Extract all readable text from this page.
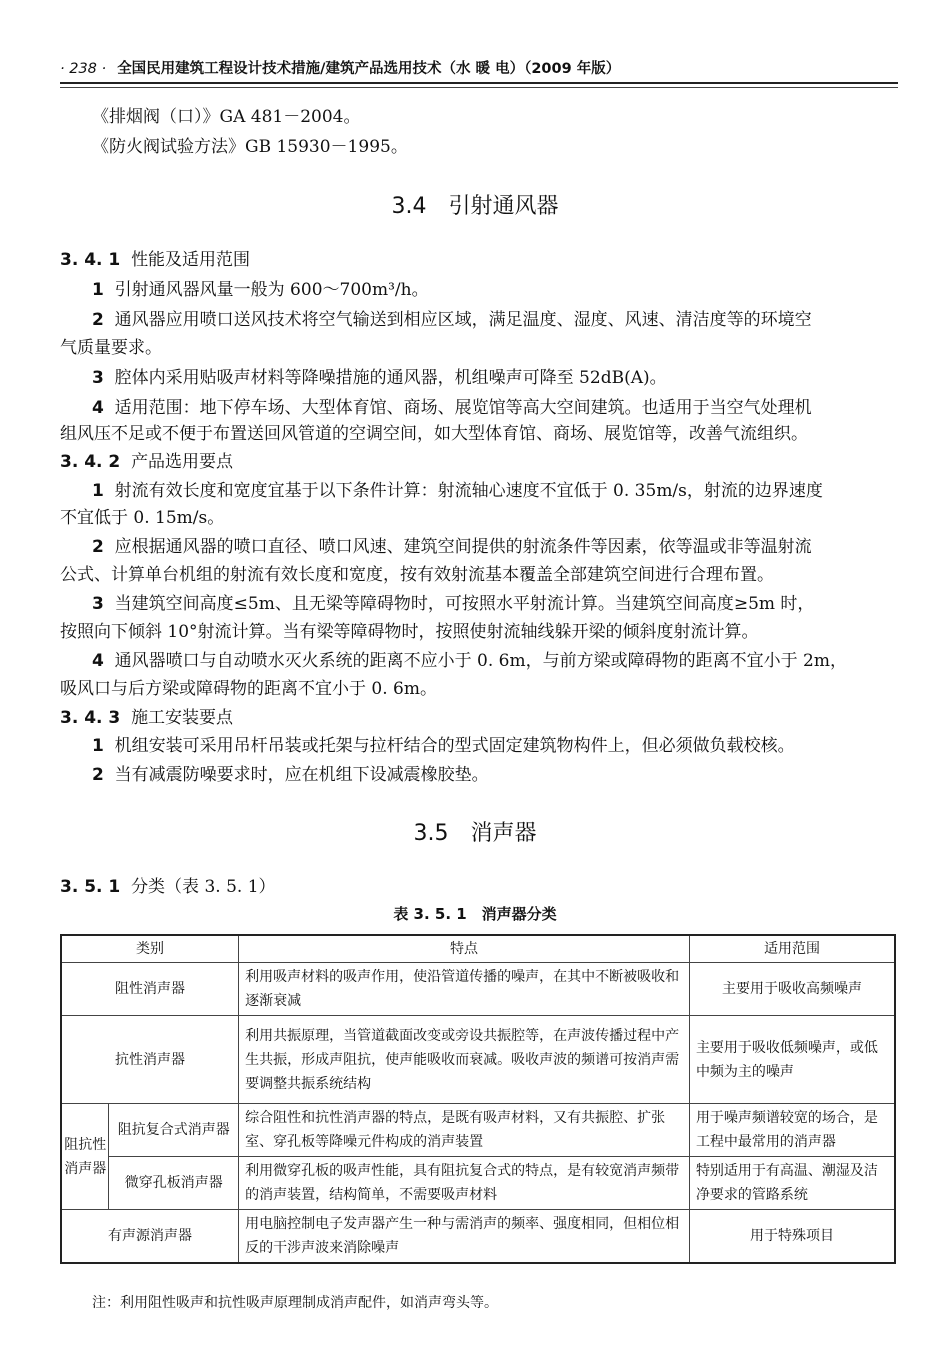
· 238 · 全国民用建筑工程设计技术措施/建筑产品选用技术（水 暖 电）（2009 年版）
《排烟阀（口）》GA 481－2004。
《防火阀试验方法》GB 15930－1995。
3.4　引射通风器
3. 4. 1 性能及适用范围
1 引射通风器风量一般为 600～700m³/h。
2 通风器应用喷口送风技术将空气输送到相应区域，满足温度、湿度、风速、清洁度等的环境空
气质量要求。
3 腔体内采用贴吸声材料等降噪措施的通风器，机组噪声可降至 52dB(A)。
4 适用范围：地下停车场、大型体育馆、商场、展览馆等高大空间建筑。也适用于当空气处理机
组风压不足或不便于布置送回风管道的空调空间，如大型体育馆、商场、展览馆等，改善气流组织。
3. 4. 2 产品选用要点
1 射流有效长度和宽度宜基于以下条件计算：射流轴心速度不宜低于 0. 35m/s，射流的边界速度
不宜低于 0. 15m/s。
2 应根据通风器的喷口直径、喷口风速、建筑空间提供的射流条件等因素，依等温或非等温射流
公式、计算单台机组的射流有效长度和宽度，按有效射流基本覆盖全部建筑空间进行合理布置。
3 当建筑空间高度≤5m、且无梁等障碍物时，可按照水平射流计算。当建筑空间高度≥5m 时，
按照向下倾斜 10°射流计算。当有梁等障碍物时，按照使射流轴线躲开梁的倾斜度射流计算。
4 通风器喷口与自动喷水灭火系统的距离不应小于 0. 6m，与前方梁或障碍物的距离不宜小于 2m，
吸风口与后方梁或障碍物的距离不宜小于 0. 6m。
3. 4. 3 施工安装要点
1 机组安装可采用吊杆吊装或托架与拉杆结合的型式固定建筑物构件上，但必须做负载校核。
2 当有减震防噪要求时，应在机组下设减震橡胶垫。
3.5　消声器
3. 5. 1 分类（表 3. 5. 1）
表 3. 5. 1　消声器分类
类别		特点	适用范围
阻性消声器		利用吸声材料的吸声作用，使沿管道传播的噪声，在其中不断被吸收和逐渐衰减	主要用于吸收高频噪声
抗性消声器		利用共振原理，当管道截面改变或旁设共振腔等，在声波传播过程中产生共振，形成声阻抗，使声能吸收而衰减。吸收声波的频谱可按消声需要调整共振系统结构	主要用于吸收低频噪声，或低中频为主的噪声
阻抗性消声器	阻抗复合式消声器	综合阻性和抗性消声器的特点，是既有吸声材料，又有共振腔、扩张室、穿孔板等降噪元件构成的消声装置	用于噪声频谱较宽的场合，是工程中最常用的消声器
	微穿孔板消声器	利用微穿孔板的吸声性能，具有阻抗复合式的特点，是有较宽消声频带的消声装置，结构简单，不需要吸声材料	特别适用于有高温、潮湿及洁净要求的管路系统
有声源消声器		用电脑控制电子发声器产生一种与需消声的频率、强度相同，但相位相反的干涉声波来消除噪声	用于特殊项目
注：利用阻性吸声和抗性吸声原理制成消声配件，如消声弯头等。
